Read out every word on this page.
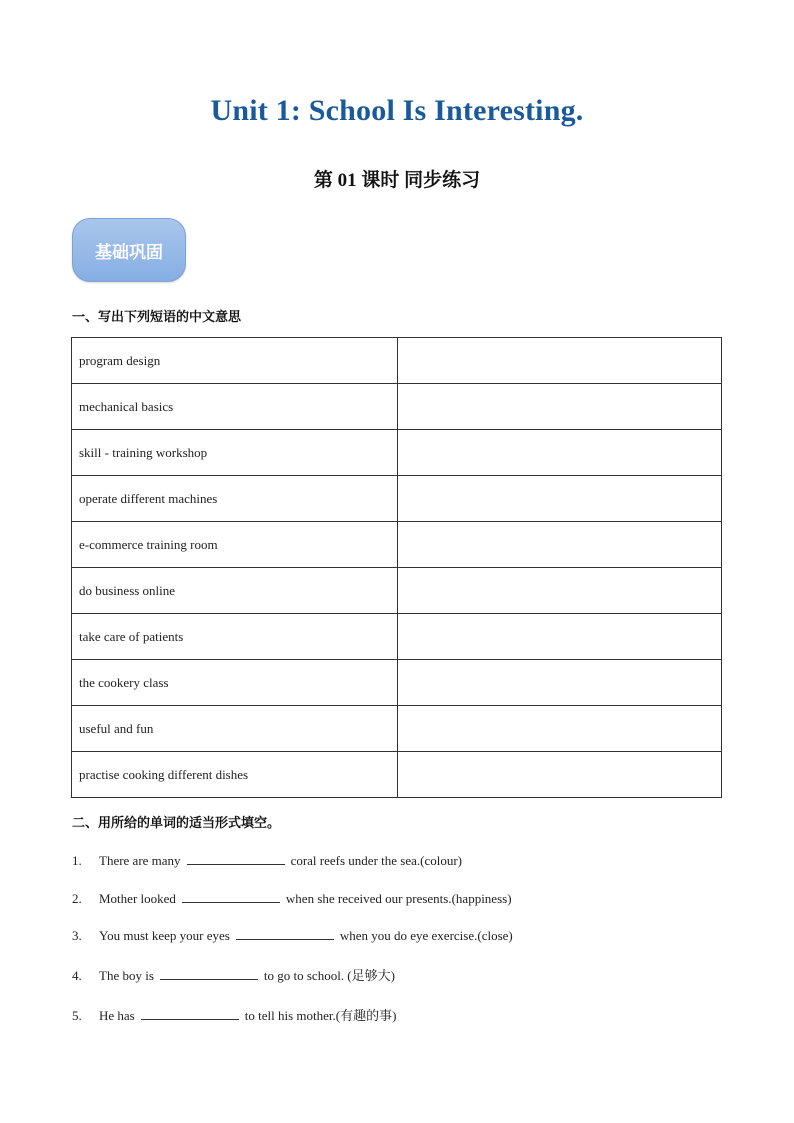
Unit 1: School Is Interesting.
第 01 课时 同步练习
基础巩固
一、写出下列短语的中文意思
program design	
mechanical basics	
skill - training workshop	
operate different machines	
e-commerce training room	
do business online	
take care of patients	
the cookery class	
useful and fun	
practise cooking different dishes	
二、用所给的单词的适当形式填空。
1.	There are many	coral reefs under the sea.(colour)
2.	Mother looked	when she received our presents.(happiness)
3.	You must keep your eyes	when you do eye exercise.(close)
4.	The boy is	to go to school. (足够大)
5.	He has	to tell his mother.(有趣的事)
